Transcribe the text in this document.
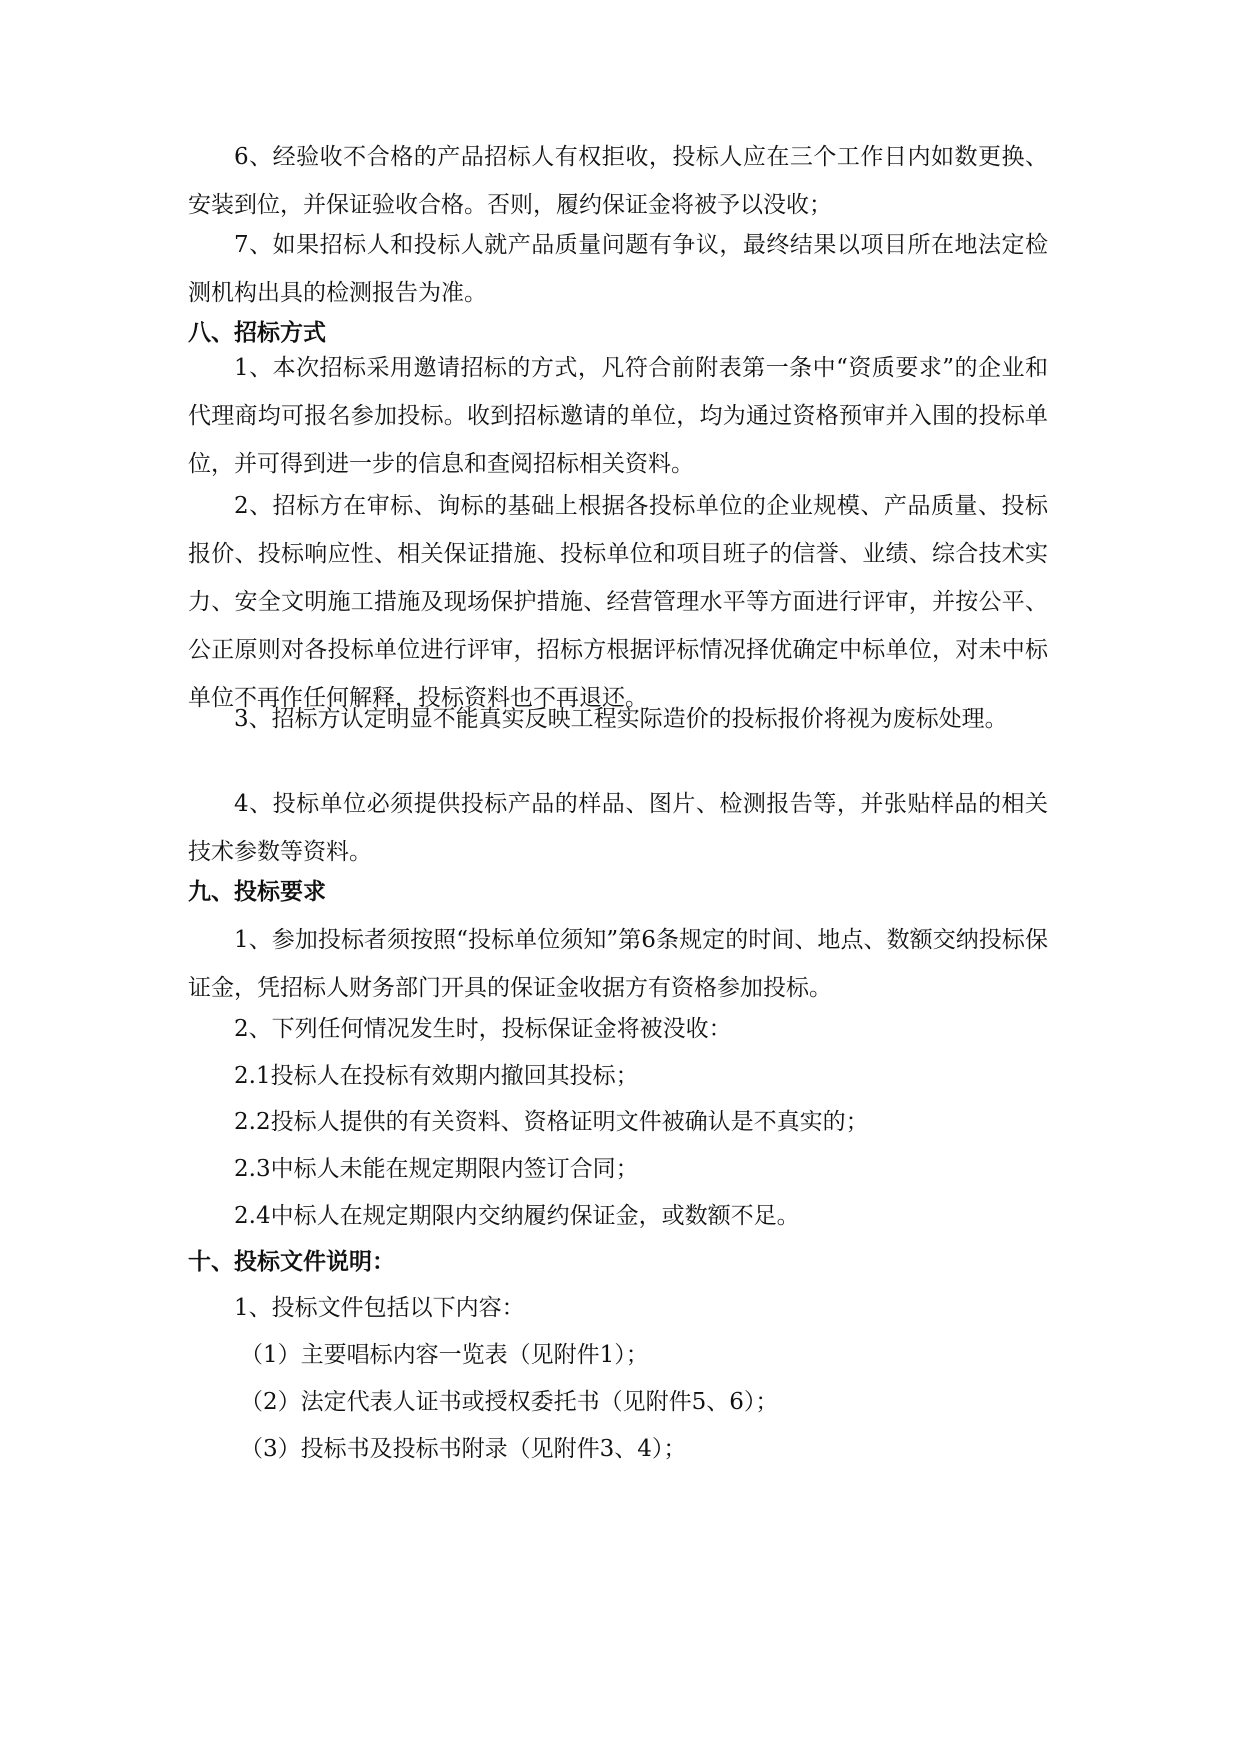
6、经验收不合格的产品招标人有权拒收，投标人应在三个工作日内如数更换、安装到位，并保证验收合格。否则，履约保证金将被予以没收；

7、如果招标人和投标人就产品质量问题有争议，最终结果以项目所在地法定检测机构出具的检测报告为准。

八、招标方式

1、本次招标采用邀请招标的方式，凡符合前附表第一条中“资质要求”的企业和代理商均可报名参加投标。收到招标邀请的单位，均为通过资格预审并入围的投标单位，并可得到进一步的信息和查阅招标相关资料。

2、招标方在审标、询标的基础上根据各投标单位的企业规模、产品质量、投标报价、投标响应性、相关保证措施、投标单位和项目班子的信誉、业绩、综合技术实力、安全文明施工措施及现场保护措施、经营管理水平等方面进行评审，并按公平、公正原则对各投标单位进行评审，招标方根据评标情况择优确定中标单位，对未中标单位不再作任何解释，投标资料也不再退还。

3、招标方认定明显不能真实反映工程实际造价的投标报价将视为废标处理。

4、投标单位必须提供投标产品的样品、图片、检测报告等，并张贴样品的相关技术参数等资料。

九、投标要求

1、参加投标者须按照“投标单位须知”第6条规定的时间、地点、数额交纳投标保证金，凭招标人财务部门开具的保证金收据方有资格参加投标。

2、下列任何情况发生时，投标保证金将被没收：

2.1投标人在投标有效期内撤回其投标；

2.2投标人提供的有关资料、资格证明文件被确认是不真实的；

2.3中标人未能在规定期限内签订合同；

2.4中标人在规定期限内交纳履约保证金，或数额不足。

十、投标文件说明：

1、投标文件包括以下内容：

（1）主要唱标内容一览表（见附件1）；

（2）法定代表人证书或授权委托书（见附件5、6）；

（3）投标书及投标书附录（见附件3、4）；
